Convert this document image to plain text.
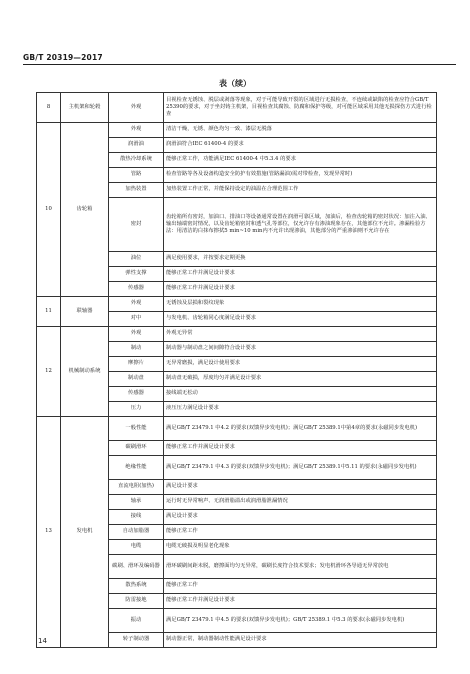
GB/T 20319—2017
表（续）
8	主机架和轮毂	外观	目视检查无锈蚀、脱层或剥落等现象，对于可能导致开裂的区域进行无损检查，不连续或缺陷的检查应符合GB/T 25390的要求，对于坐封铸主机架，目视检查其腐蚀、防腐和保护等级，对可能区域采用其他无损探伤方式进行检查
10	齿轮箱	外观	清洁干燥，无锈、颜色均匀一致、漆层无脱落
		润滑油	润滑油符合IEC 61400-4 的要求
		散热冷却系统	能够正常工作，功能满足IEC 61400-4 中5.3.4 的要求
		管路	检查管路等各及设备构造安全防护有效措施(管路漏油)需对带检查，发现异常时)
		加热装置	加热装置工作正常，并能保持设定的油温在合理范围工作
		密封	齿轮箱所有密封，加油口、排油口等设备通常设置在润滑可靠区域，加油后，检查齿轮箱的密封状况：加注入油、输出轴端密封情况，以及齿轮箱密封和透气孔等部位，仅允许存有渗油现象存在，其他部位不允许。渗漏检验方法：用清洁的白抹布擦拭5 min~10 min内不允许出现渗油，其他部分的严重渗油则不允许存在
		油位	满足使用要求，并按要求定期更换
		弹性支撑	能够正常工作并满足设计要求
		传感器	能够正常工作并满足设计要求
11	联轴器	外观	无锈蚀及层损和裂纹现象
		对中	与发电机、齿轮箱同心度满足设计要求
12	机械制动系统	外观	外观无异常
		制动	制动器与制动盘之间间隙符合设计要求
		摩擦片	无异常磨损，满足设计使用要求
		制动盘	制动盘无破损，厚度均匀并满足设计要求
		传感器	接线端无松动
		压力	液压压力满足设计要求
13	发电机	一般性能	满足GB/T 23479.1 中4.2 的要求(双馈异步发电机)；满足GB/T 25389.1中第4章的要求(永磁同步发电机)
		碳刷滑环	能够正常工作并满足设计要求
		绝缘性能	满足GB/T 23479.1 中4.3 的要求(双馈异步发电机)；满足GB/T 25389.1中5.11 的要求(永磁同步发电机)
		直流电阻(加热)	满足设计要求
		轴承	运行时无异常响声、无润滑脂溢出或润滑脂泄漏情况
		接线	满足设计要求
		自动加脂器	能够正常工作
		电缆	电缆无破损及明显老化现象
		碳刷、滑环及编码器	滑环碳刷间距未脱，磨擦面均匀无异常，碳刷长度符合技术要求；发电机滑环各导通无异常放电
		散热系统	能够正常工作
		防雷接地	能够正常工作并满足设计要求
		振动	满足GB/T 23479.1 中4.5 的要求(双馈异步发电机)；GB/T 25389.1 中5.3 的要求(永磁同步发电机)
		转子制动器	制动器正常，制动器制动性能满足设计要求
14
